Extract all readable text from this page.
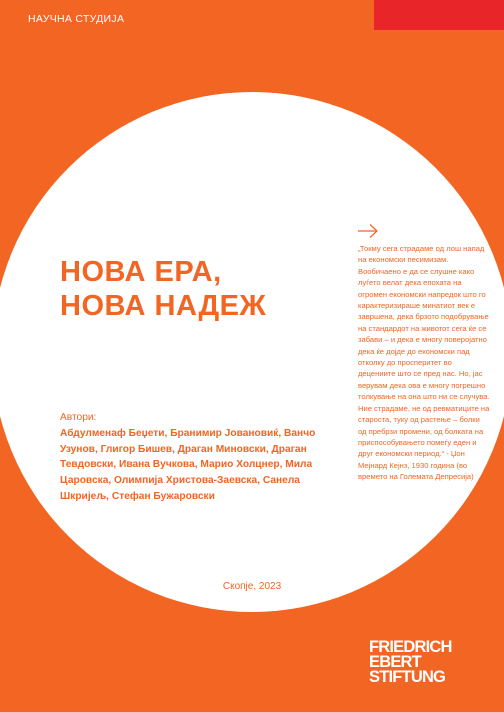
НАУЧНА СТУДИЈА
НОВА ЕРА,
НОВА НАДЕЖ
Автори:
Абдулменаф Беџети, Бранимир Јовановиќ, Ванчо Узунов, Глигор Бишев, Драган Миновски, Драган Тевдовски, Ивана Вучкова, Марио Холцнер, Мила Царовска, Олимпија Христова-Заевска, Санела Шкријељ, Стефан Бужаровски

„Токму сега страдаме од лош напад на економски песимизам. Вообичаено е да се слушне како луѓето велат дека епохата на огромен економски напредок што го карактеризираше минатиот век е завршена, дека брзото подобрување на стандардот на животот сега ќе се забави – и дека е многу поверојатно дека ќе дојде до економски пад отколку до просперитет во децениите што се пред нас. Но, јас верувам дека ова е многу погрешно толкување на она што ни се случува. Ние страдаме, не од ревматиците на староста, туку од растење – болки од пребрзи промени, од болката на приспособувањето помеѓу еден и друг економски период.“ - Џон Мејнард Кејнз, 1930 година (во времето на Големата Депресија)

Скопје, 2023
FRIEDRICH
EBERT
STIFTUNG
